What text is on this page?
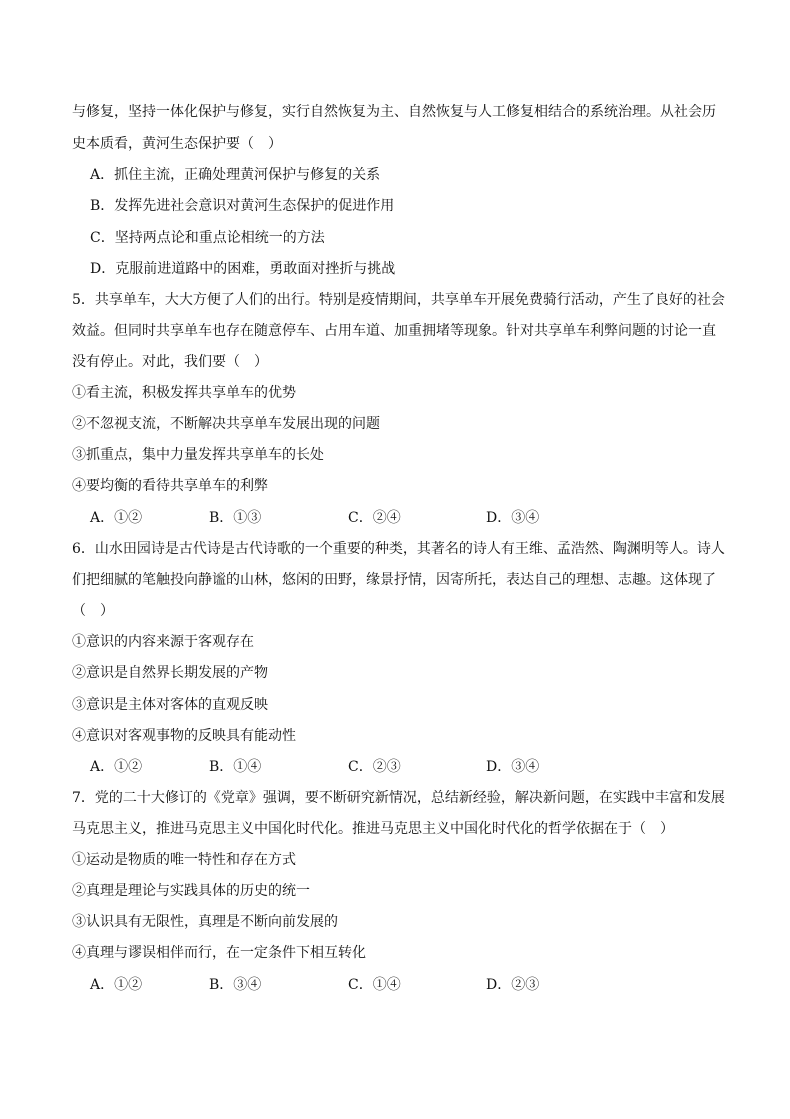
与修复，坚持一体化保护与修复，实行自然恢复为主、自然恢复与人工修复相结合的系统治理。从社会历
史本质看，黄河生态保护要（　）
A．抓住主流，正确处理黄河保护与修复的关系
B．发挥先进社会意识对黄河生态保护的促进作用
C．坚持两点论和重点论相统一的方法
D．克服前进道路中的困难，勇敢面对挫折与挑战
5．共享单车，大大方便了人们的出行。特别是疫情期间，共享单车开展免费骑行活动，产生了良好的社会
效益。但同时共享单车也存在随意停车、占用车道、加重拥堵等现象。针对共享单车利弊问题的讨论一直
没有停止。对此，我们要（　）
①看主流，积极发挥共享单车的优势
②不忽视支流，不断解决共享单车发展出现的问题
③抓重点，集中力量发挥共享单车的长处
④要均衡的看待共享单车的利弊
A．①②	B．①③	C．②④	D．③④
6．山水田园诗是古代诗是古代诗歌的一个重要的种类，其著名的诗人有王维、孟浩然、陶渊明等人。诗人
们把细腻的笔触投向静谧的山林，悠闲的田野，缘景抒情，因寄所托，表达自己的理想、志趣。这体现了
（　）
①意识的内容来源于客观存在
②意识是自然界长期发展的产物
③意识是主体对客体的直观反映
④意识对客观事物的反映具有能动性
A．①②	B．①④	C．②③	D．③④
7．党的二十大修订的《党章》强调，要不断研究新情况，总结新经验，解决新问题，在实践中丰富和发展
马克思主义，推进马克思主义中国化时代化。推进马克思主义中国化时代化的哲学依据在于（　）
①运动是物质的唯一特性和存在方式
②真理是理论与实践具体的历史的统一
③认识具有无限性，真理是不断向前发展的
④真理与谬误相伴而行，在一定条件下相互转化
A．①②	B．③④	C．①④	D．②③
